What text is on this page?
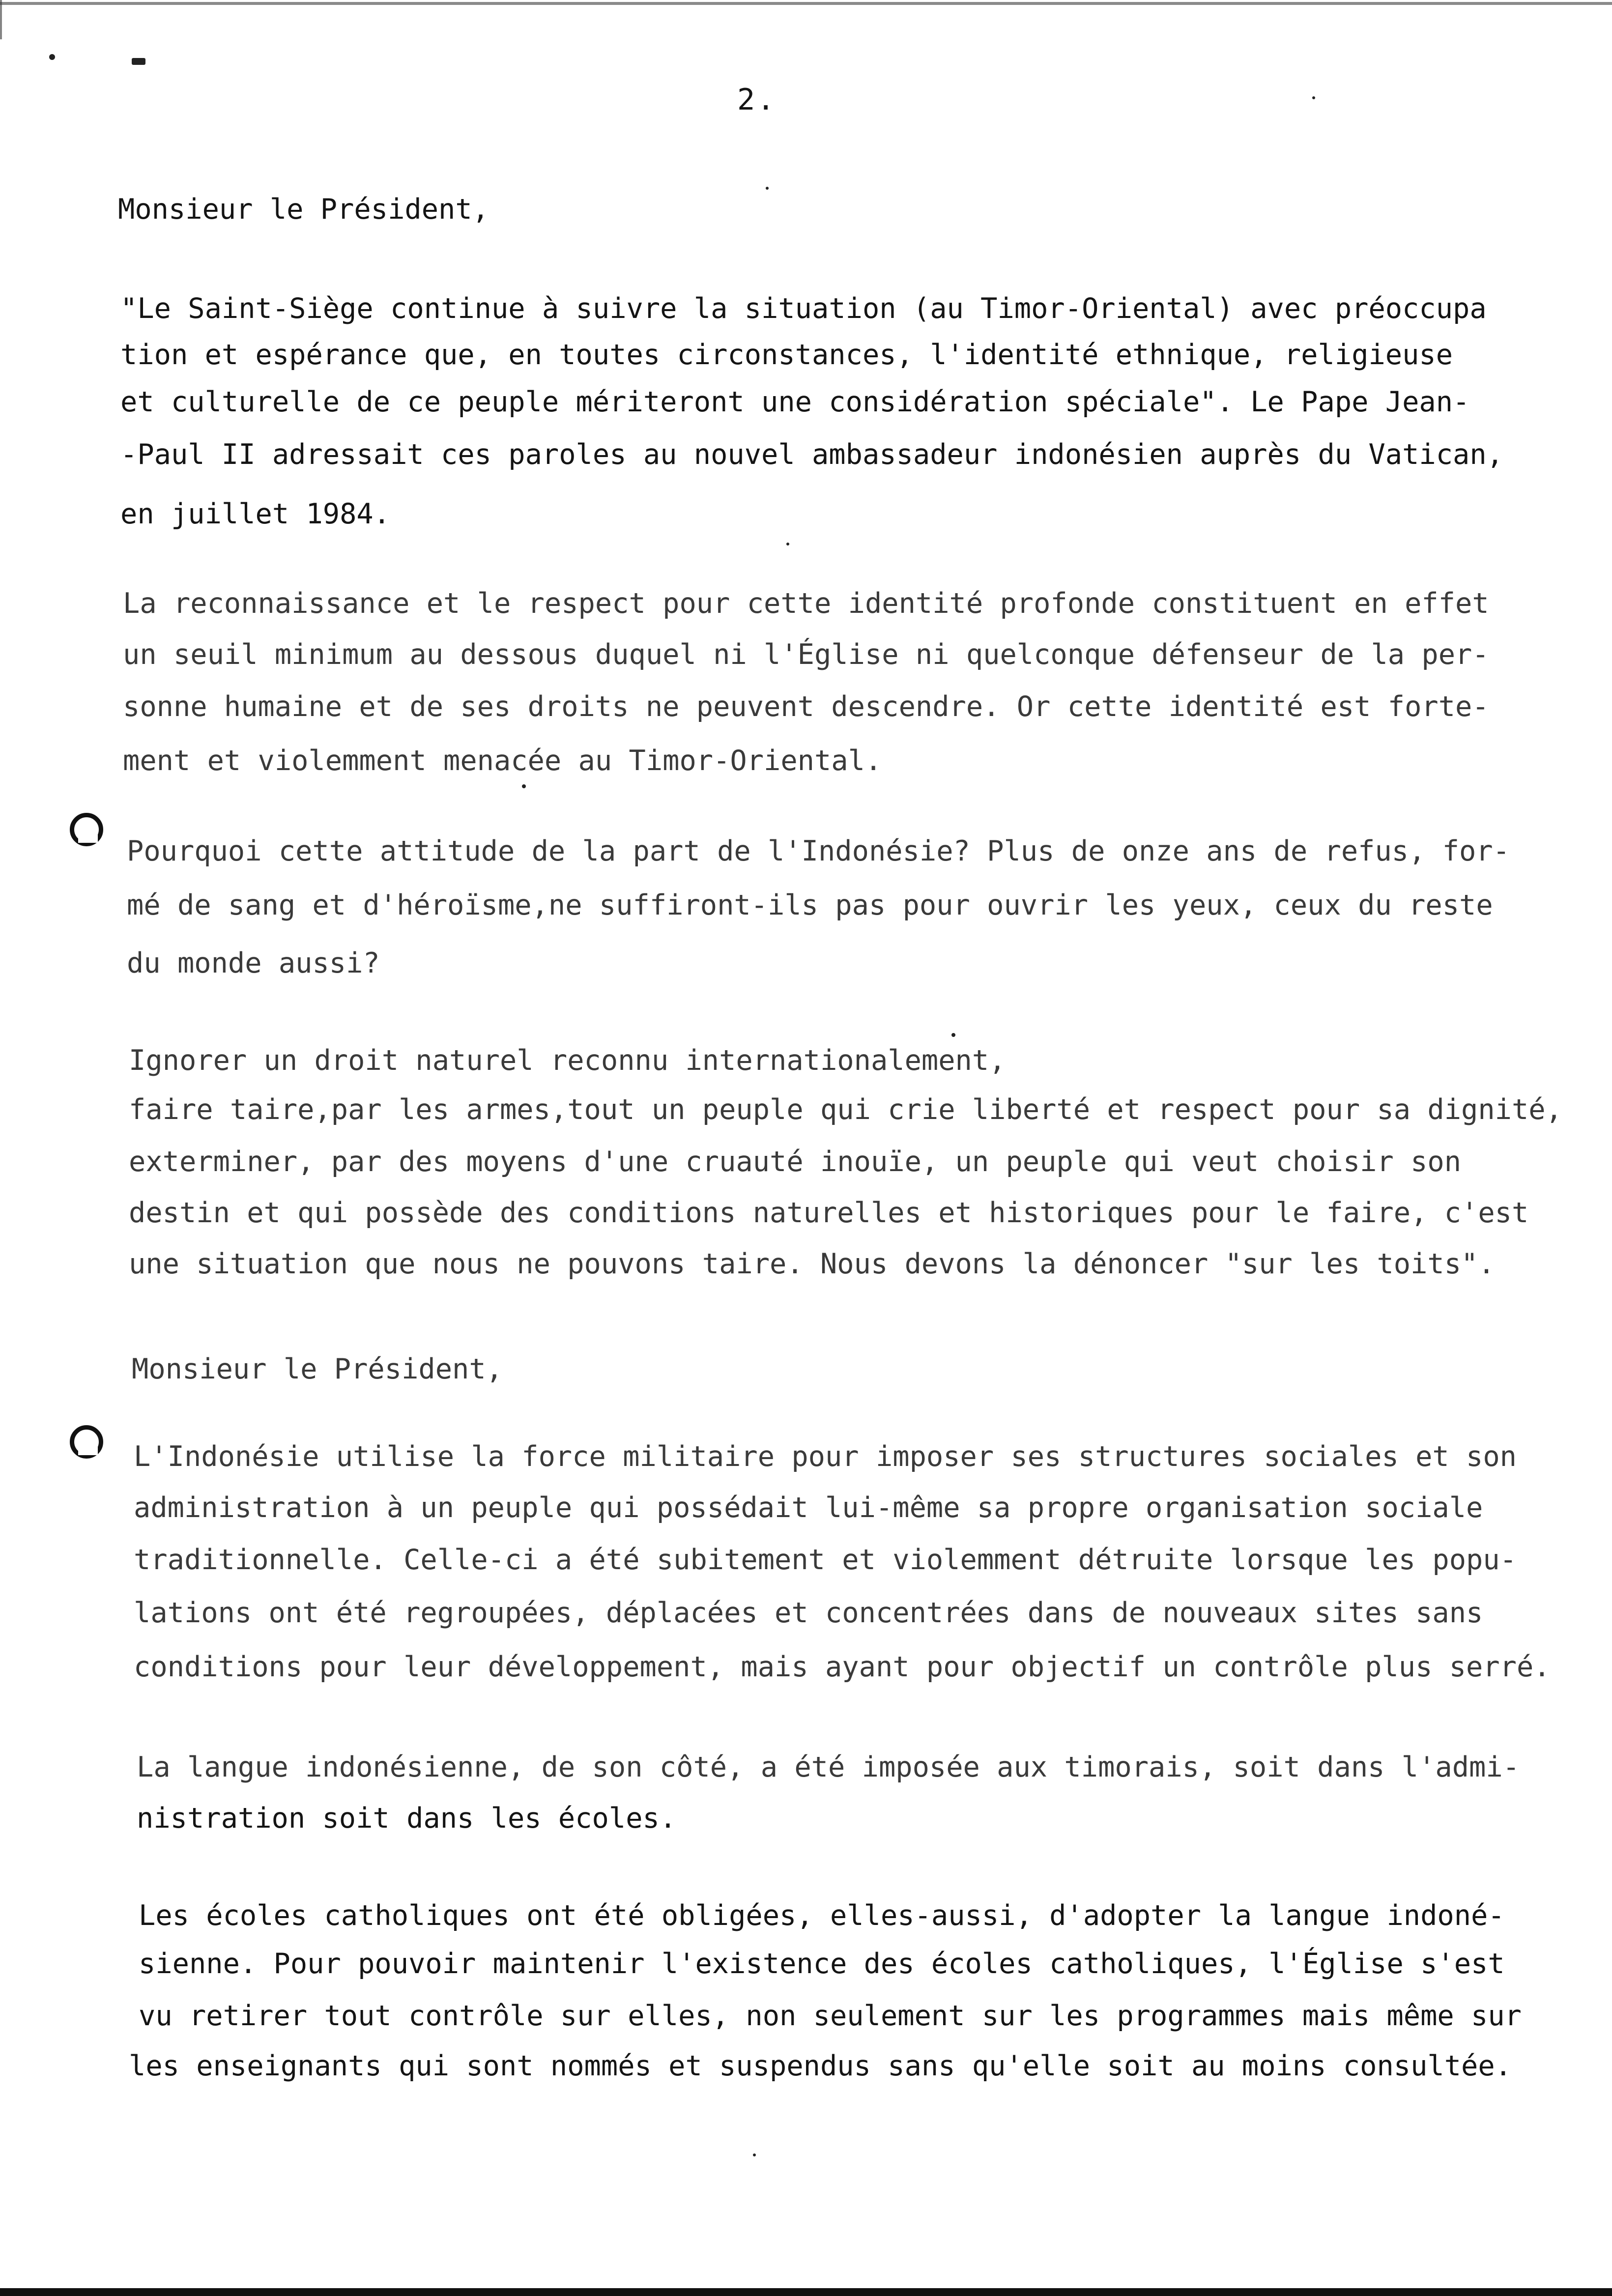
2.
Monsieur le Président,
"Le Saint-Siège continue à suivre la situation (au Timor-Oriental) avec préoccupa
tion et espérance que, en toutes circonstances, l'identité ethnique, religieuse
et culturelle de ce peuple mériteront une considération spéciale". Le Pape Jean-
-Paul II adressait ces paroles au nouvel ambassadeur indonésien auprès du Vatican,
en juillet 1984.
La reconnaissance et le respect pour cette identité profonde constituent en effet
un seuil minimum au dessous duquel ni l'Église ni quelconque défenseur de la per-
sonne humaine et de ses droits ne peuvent descendre. Or cette identité est forte-
ment et violemment menacée au Timor-Oriental.
Pourquoi cette attitude de la part de l'Indonésie? Plus de onze ans de refus, for-
mé de sang et d'héroïsme,ne suffiront-ils pas pour ouvrir les yeux, ceux du reste
du monde aussi?
Ignorer un droit naturel reconnu internationalement,
faire taire,par les armes,tout un peuple qui crie liberté et respect pour sa dignité,
exterminer, par des moyens d'une cruauté inouïe, un peuple qui veut choisir son
destin et qui possède des conditions naturelles et historiques pour le faire, c'est
une situation que nous ne pouvons taire. Nous devons la dénoncer "sur les toits".
Monsieur le Président,
L'Indonésie utilise la force militaire pour imposer ses structures sociales et son
administration à un peuple qui possédait lui-même sa propre organisation sociale
traditionnelle. Celle-ci a été subitement et violemment détruite lorsque les popu-
lations ont été regroupées, déplacées et concentrées dans de nouveaux sites sans
conditions pour leur développement, mais ayant pour objectif un contrôle plus serré.
La langue indonésienne, de son côté, a été imposée aux timorais, soit dans l'admi-
nistration soit dans les écoles.
Les écoles catholiques ont été obligées, elles-aussi, d'adopter la langue indoné-
sienne. Pour pouvoir maintenir l'existence des écoles catholiques, l'Église s'est
vu retirer tout contrôle sur elles, non seulement sur les programmes mais même sur
les enseignants qui sont nommés et suspendus sans qu'elle soit au moins consultée.
